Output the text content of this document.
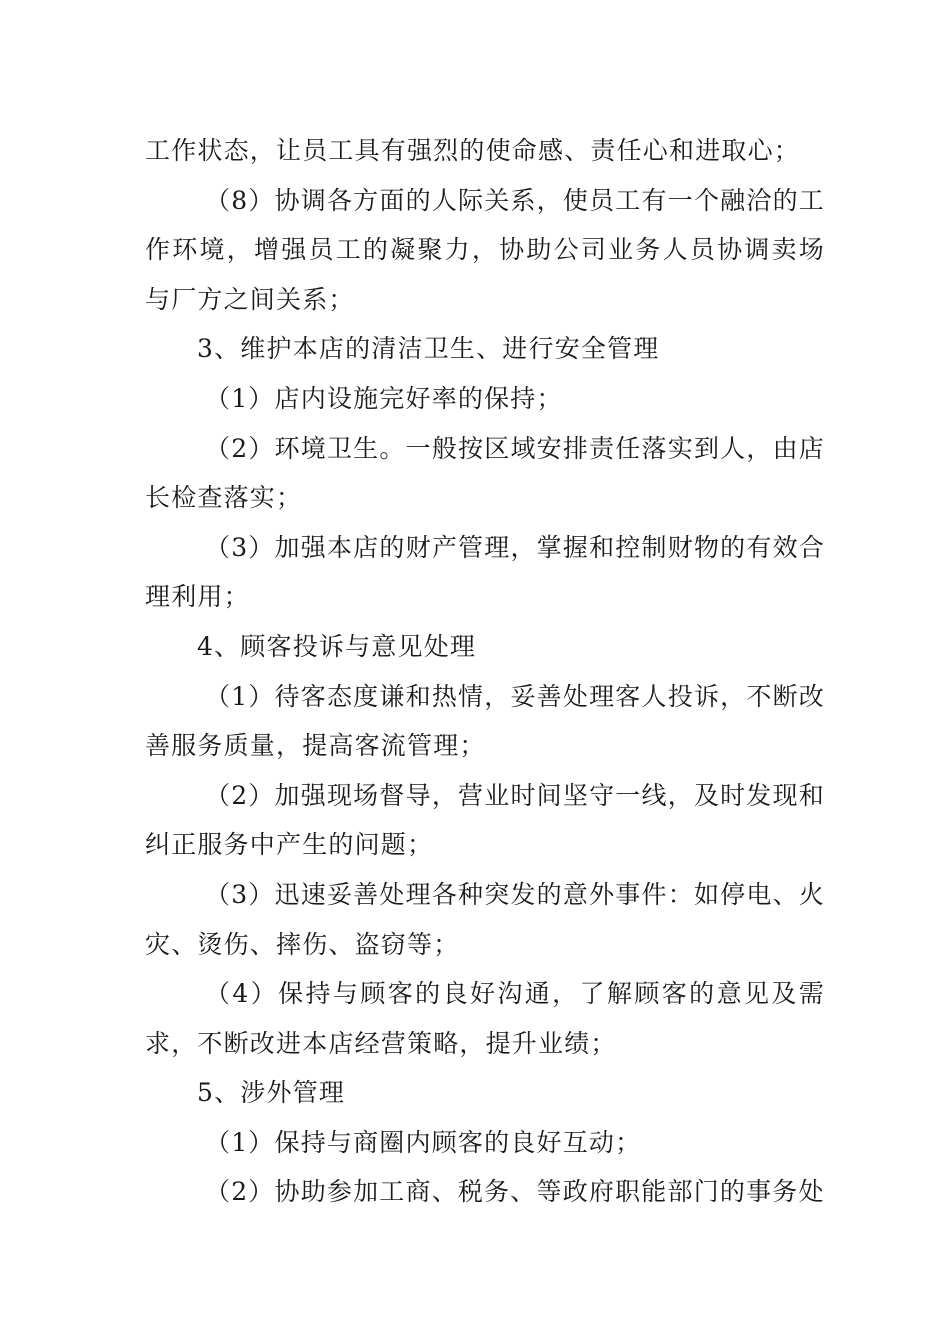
工作状态，让员工具有强烈的使命感、责任心和进取心；

（8）协调各方面的人际关系，使员工有一个融洽的工作环境，增强员工的凝聚力，协助公司业务人员协调卖场与厂方之间关系；

3、维护本店的清洁卫生、进行安全管理

（1）店内设施完好率的保持；

（2）环境卫生。一般按区域安排责任落实到人，由店长检查落实；

（3）加强本店的财产管理，掌握和控制财物的有效合理利用；

4、顾客投诉与意见处理

（1）待客态度谦和热情，妥善处理客人投诉，不断改善服务质量，提高客流管理；

（2）加强现场督导，营业时间坚守一线，及时发现和纠正服务中产生的问题；

（3）迅速妥善处理各种突发的意外事件：如停电、火灾、烫伤、摔伤、盗窃等；

（4）保持与顾客的良好沟通，了解顾客的意见及需求，不断改进本店经营策略，提升业绩；

5、涉外管理

（1）保持与商圈内顾客的良好互动；

（2）协助参加工商、税务、等政府职能部门的事务处
